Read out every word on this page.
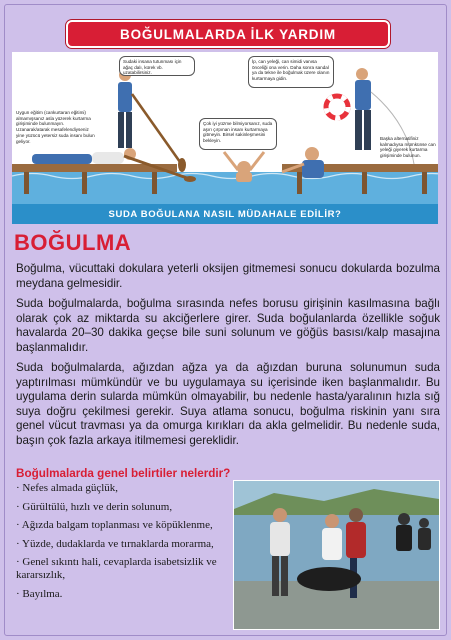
BOĞULMALARDA İLK YARDIM
Sudaki insana tutunması için ağaç dalı, kürek vb. uzatabilirsiniz.
İp, can yeleği, can simidi vanısa önceliği ona verin. Daha sonra sandal ya da tekne ile boğulmak üzere olanın kurtarmaya gidin.
Uygun eğitim (cankurtaran eğitimi) almamışsanız asla yüzerek kurtarma girişiminde bulunmayın. Uzanarak/atarak mesafelendiyseniz yine yüzücü yetersiz suda insanı bulun geliyor.
Çok iyi yüzme bilmiyorsanız, suda aşırı çırpınan insanı kurtarmaya gitmeyin. Birsel sakinleşmesini bekleyin.	Başka alternatifiniz kalmadıysa mümkünse can yeleği giyerek kurtarma girişiminde bulunun.
SUDA BOĞULANA NASIL MÜDAHALE EDİLİR?
BOĞULMA

Boğulma, vücuttaki dokulara yeterli oksijen gitmemesi sonucu dokularda bozulma meydana gelmesidir.

Suda boğulmalarda, boğulma sırasında nefes borusu girişinin kasılmasına bağlı olarak çok az miktarda su akciğerlere girer. Suda boğulanlarda özellikle soğuk havalarda 20–30 dakika geçse bile suni solunum ve göğüs basısı/kalp masajına başlanmalıdır.

Suda boğulmalarda, ağızdan ağza ya da ağızdan buruna solunumun suda yaptırılması mümkündür ve bu uygulamaya su içerisinde iken başlanmalıdır. Bu uygulama derin sularda mümkün olmayabilir, bu nedenle hasta/yaralının hızla sığ suya doğru çekilmesi gerekir. Suya atlama sonucu, boğulma riskinin yanı sıra genel vücut travması ya da omurga kırıkları da akla gelmelidir. Bu nedenle suda, başın çok fazla arkaya itilmemesi gereklidir.

Boğulmalarda genel belirtiler nelerdir?
· Nefes almada güçlük,
· Gürültülü, hızlı ve derin solunum,
· Ağızda balgam toplanması ve köpüklenme,
· Yüzde, dudaklarda ve tırnaklarda morarma,
· Genel sıkıntı hali, cevaplarda isabetsizlik ve kararsızlık,
· Bayılma.
